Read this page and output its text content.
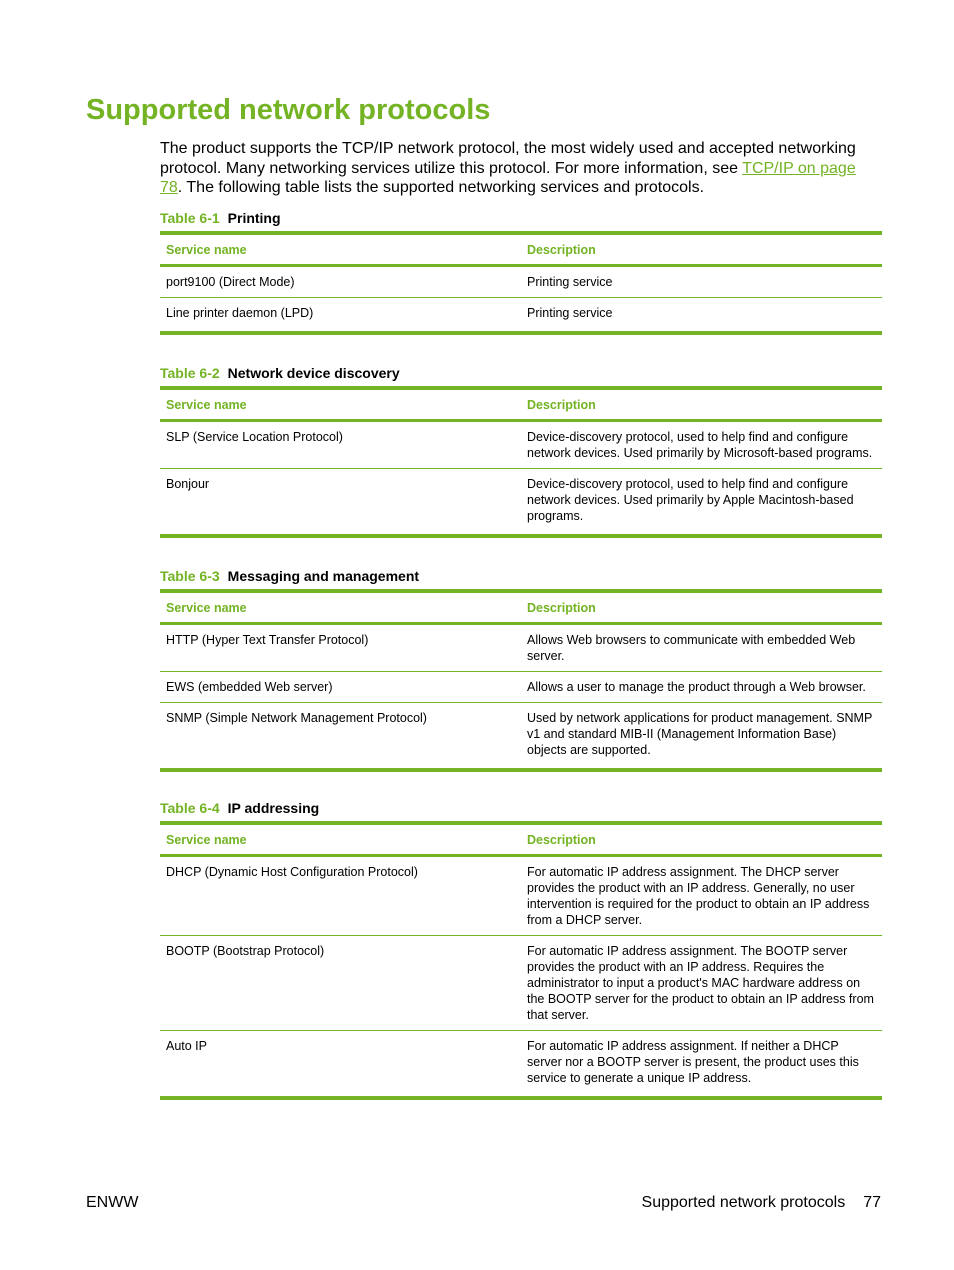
Supported network protocols

The product supports the TCP/IP network protocol, the most widely used and accepted networking protocol. Many networking services utilize this protocol. For more information, see TCP/IP on page 78. The following table lists the supported networking services and protocols.

Table 6-1 Printing
Service name	Description
port9100 (Direct Mode)	Printing service
Line printer daemon (LPD)	Printing service
Table 6-2 Network device discovery
Service name	Description
SLP (Service Location Protocol)	Device-discovery protocol, used to help find and configure network devices. Used primarily by Microsoft-based programs.
Bonjour	Device-discovery protocol, used to help find and configure network devices. Used primarily by Apple Macintosh-based programs.
Table 6-3 Messaging and management
Service name	Description
HTTP (Hyper Text Transfer Protocol)	Allows Web browsers to communicate with embedded Web server.
EWS (embedded Web server)	Allows a user to manage the product through a Web browser.
SNMP (Simple Network Management Protocol)	Used by network applications for product management. SNMP v1 and standard MIB-II (Management Information Base) objects are supported.
Table 6-4 IP addressing
Service name	Description
DHCP (Dynamic Host Configuration Protocol)	For automatic IP address assignment. The DHCP server provides the product with an IP address. Generally, no user intervention is required for the product to obtain an IP address from a DHCP server.
BOOTP (Bootstrap Protocol)	For automatic IP address assignment. The BOOTP server provides the product with an IP address. Requires the administrator to input a product's MAC hardware address on the BOOTP server for the product to obtain an IP address from that server.
Auto IP	For automatic IP address assignment. If neither a DHCP server nor a BOOTP server is present, the product uses this service to generate a unique IP address.
ENWW	Supported network protocols 77
